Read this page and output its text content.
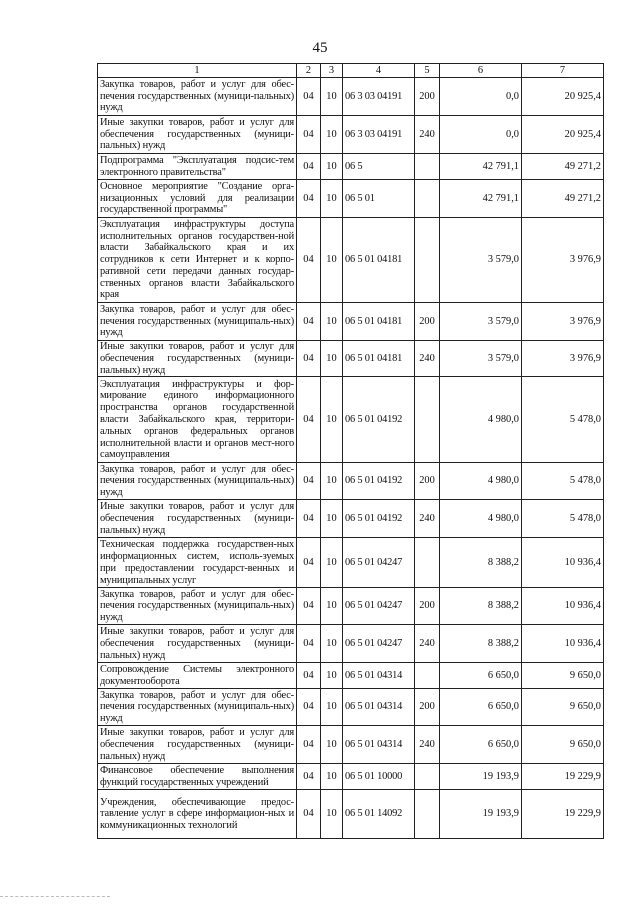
45
1	2	3	4	5	6	7
Закупка товаров, работ и услуг для обес-печения государственных (муници-пальных) нужд	04	10	06 3 03 04191	200	0,0	20 925,4
Иные закупки товаров, работ и услуг для обеспечения государственных (муници-пальных) нужд	04	10	06 3 03 04191	240	0,0	20 925,4
Подпрограмма "Эксплуатация подсис-тем электронного правительства"	04	10	06 5		42 791,1	49 271,2
Основное мероприятие "Создание орга-низационных условий для реализации государственной программы"	04	10	06 5 01		42 791,1	49 271,2
Эксплуатация инфраструктуры доступа исполнительных органов государствен-ной власти Забайкальского края и их сотрудников к сети Интернет и к корпо-ративной сети передачи данных государ-ственных органов власти Забайкальского края	04	10	06 5 01 04181		3 579,0	3 976,9
Закупка товаров, работ и услуг для обес-печения государственных (муниципаль-ных) нужд	04	10	06 5 01 04181	200	3 579,0	3 976,9
Иные закупки товаров, работ и услуг для обеспечения государственных (муници-пальных) нужд	04	10	06 5 01 04181	240	3 579,0	3 976,9
Эксплуатация инфраструктуры и фор-мирование единого информационного пространства органов государственной власти Забайкальского края, территори-альных органов федеральных органов исполнительной власти и органов мест-ного самоуправления	04	10	06 5 01 04192		4 980,0	5 478,0
Закупка товаров, работ и услуг для обес-печения государственных (муниципаль-ных) нужд	04	10	06 5 01 04192	200	4 980,0	5 478,0
Иные закупки товаров, работ и услуг для обеспечения государственных (муници-пальных) нужд	04	10	06 5 01 04192	240	4 980,0	5 478,0
Техническая поддержка государствен-ных информационных систем, исполь-зуемых при предоставлении государст-венных и муниципальных услуг	04	10	06 5 01 04247		8 388,2	10 936,4
Закупка товаров, работ и услуг для обес-печения государственных (муниципаль-ных) нужд	04	10	06 5 01 04247	200	8 388,2	10 936,4
Иные закупки товаров, работ и услуг для обеспечения государственных (муници-пальных) нужд	04	10	06 5 01 04247	240	8 388,2	10 936,4
Сопровождение Системы электронного документооборота	04	10	06 5 01 04314		6 650,0	9 650,0
Закупка товаров, работ и услуг для обес-печения государственных (муниципаль-ных) нужд	04	10	06 5 01 04314	200	6 650,0	9 650,0
Иные закупки товаров, работ и услуг для обеспечения государственных (муници-пальных) нужд	04	10	06 5 01 04314	240	6 650,0	9 650,0
Финансовое обеспечение выполнения функций государственных учреждений	04	10	06 5 01 10000		19 193,9	19 229,9
Учреждения, обеспечивающие предос-тавление услуг в сфере информацион-ных и коммуникационных технологий	04	10	06 5 01 14092		19 193,9	19 229,9
